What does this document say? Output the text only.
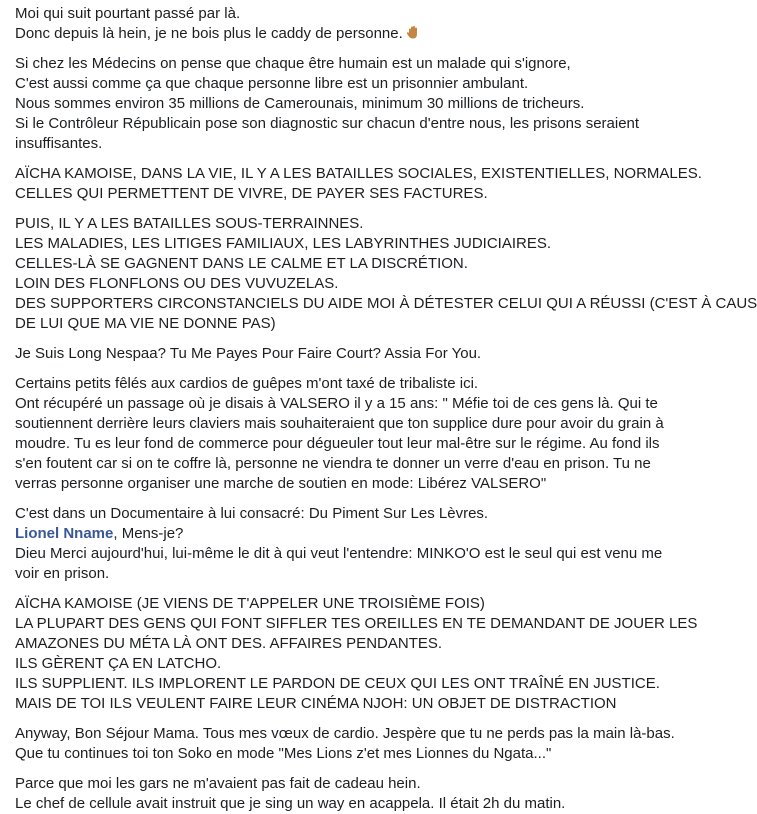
Moi qui suit pourtant passé par là.
Donc depuis là hein, je ne bois plus le caddy de personne.
Si chez les Médecins on pense que chaque être humain est un malade qui s'ignore,
C'est aussi comme ça que chaque personne libre est un prisonnier ambulant.
Nous sommes environ 35 millions de Camerounais, minimum 30 millions de tricheurs.
Si le Contrôleur Républicain pose son diagnostic sur chacun d'entre nous, les prisons seraient
insuffisantes.
AÏCHA KAMOISE, DANS LA VIE, IL Y A LES BATAILLES SOCIALES, EXISTENTIELLES, NORMALES.
CELLES QUI PERMETTENT DE VIVRE, DE PAYER SES FACTURES.
PUIS, IL Y A LES BATAILLES SOUS-TERRAINNES.
LES MALADIES, LES LITIGES FAMILIAUX, LES LABYRINTHES JUDICIAIRES.
CELLES-LÀ SE GAGNENT DANS LE CALME ET LA DISCRÉTION.
LOIN DES FLONFLONS OU DES VUVUZELAS.
DES SUPPORTERS CIRCONSTANCIELS DU AIDE MOI À DÉTESTER CELUI QUI A RÉUSSI (C'EST À CAUS
DE LUI QUE MA VIE NE DONNE PAS)
Je Suis Long Nespaa? Tu Me Payes Pour Faire Court? Assia For You.
Certains petits fêlés aux cardios de guêpes m'ont taxé de tribaliste ici.
Ont récupéré un passage où je disais à VALSERO il y a 15 ans: " Méfie toi de ces gens là. Qui te
soutiennent derrière leurs claviers mais souhaiteraient que ton supplice dure pour avoir du grain à
moudre. Tu es leur fond de commerce pour dégueuler tout leur mal-être sur le régime. Au fond ils
s'en foutent car si on te coffre là, personne ne viendra te donner un verre d'eau en prison. Tu ne
verras personne organiser une marche de soutien en mode: Libérez VALSERO"
C'est dans un Documentaire à lui consacré: Du Piment Sur Les Lèvres.
Lionel Nname, Mens-je?
Dieu Merci aujourd'hui, lui-même le dit à qui veut l'entendre: MINKO'O est le seul qui est venu me
voir en prison.
AÏCHA KAMOISE (JE VIENS DE T'APPELER UNE TROISIÈME FOIS)
LA PLUPART DES GENS QUI FONT SIFFLER TES OREILLES EN TE DEMANDANT DE JOUER LES
AMAZONES DU MÉTA LÀ ONT DES. AFFAIRES PENDANTES.
ILS GÈRENT ÇA EN LATCHO.
ILS SUPPLIENT. ILS IMPLORENT LE PARDON DE CEUX QUI LES ONT TRAÎNÉ EN JUSTICE.
MAIS DE TOI ILS VEULENT FAIRE LEUR CINÉMA NJOH: UN OBJET DE DISTRACTION
Anyway, Bon Séjour Mama. Tous mes vœux de cardio. Jespère que tu ne perds pas la main là-bas.
Que tu continues toi ton Soko en mode "Mes Lions z'et mes Lionnes du Ngata..."
Parce que moi les gars ne m'avaient pas fait de cadeau hein.
Le chef de cellule avait instruit que je sing un way en acappela. Il était 2h du matin.
